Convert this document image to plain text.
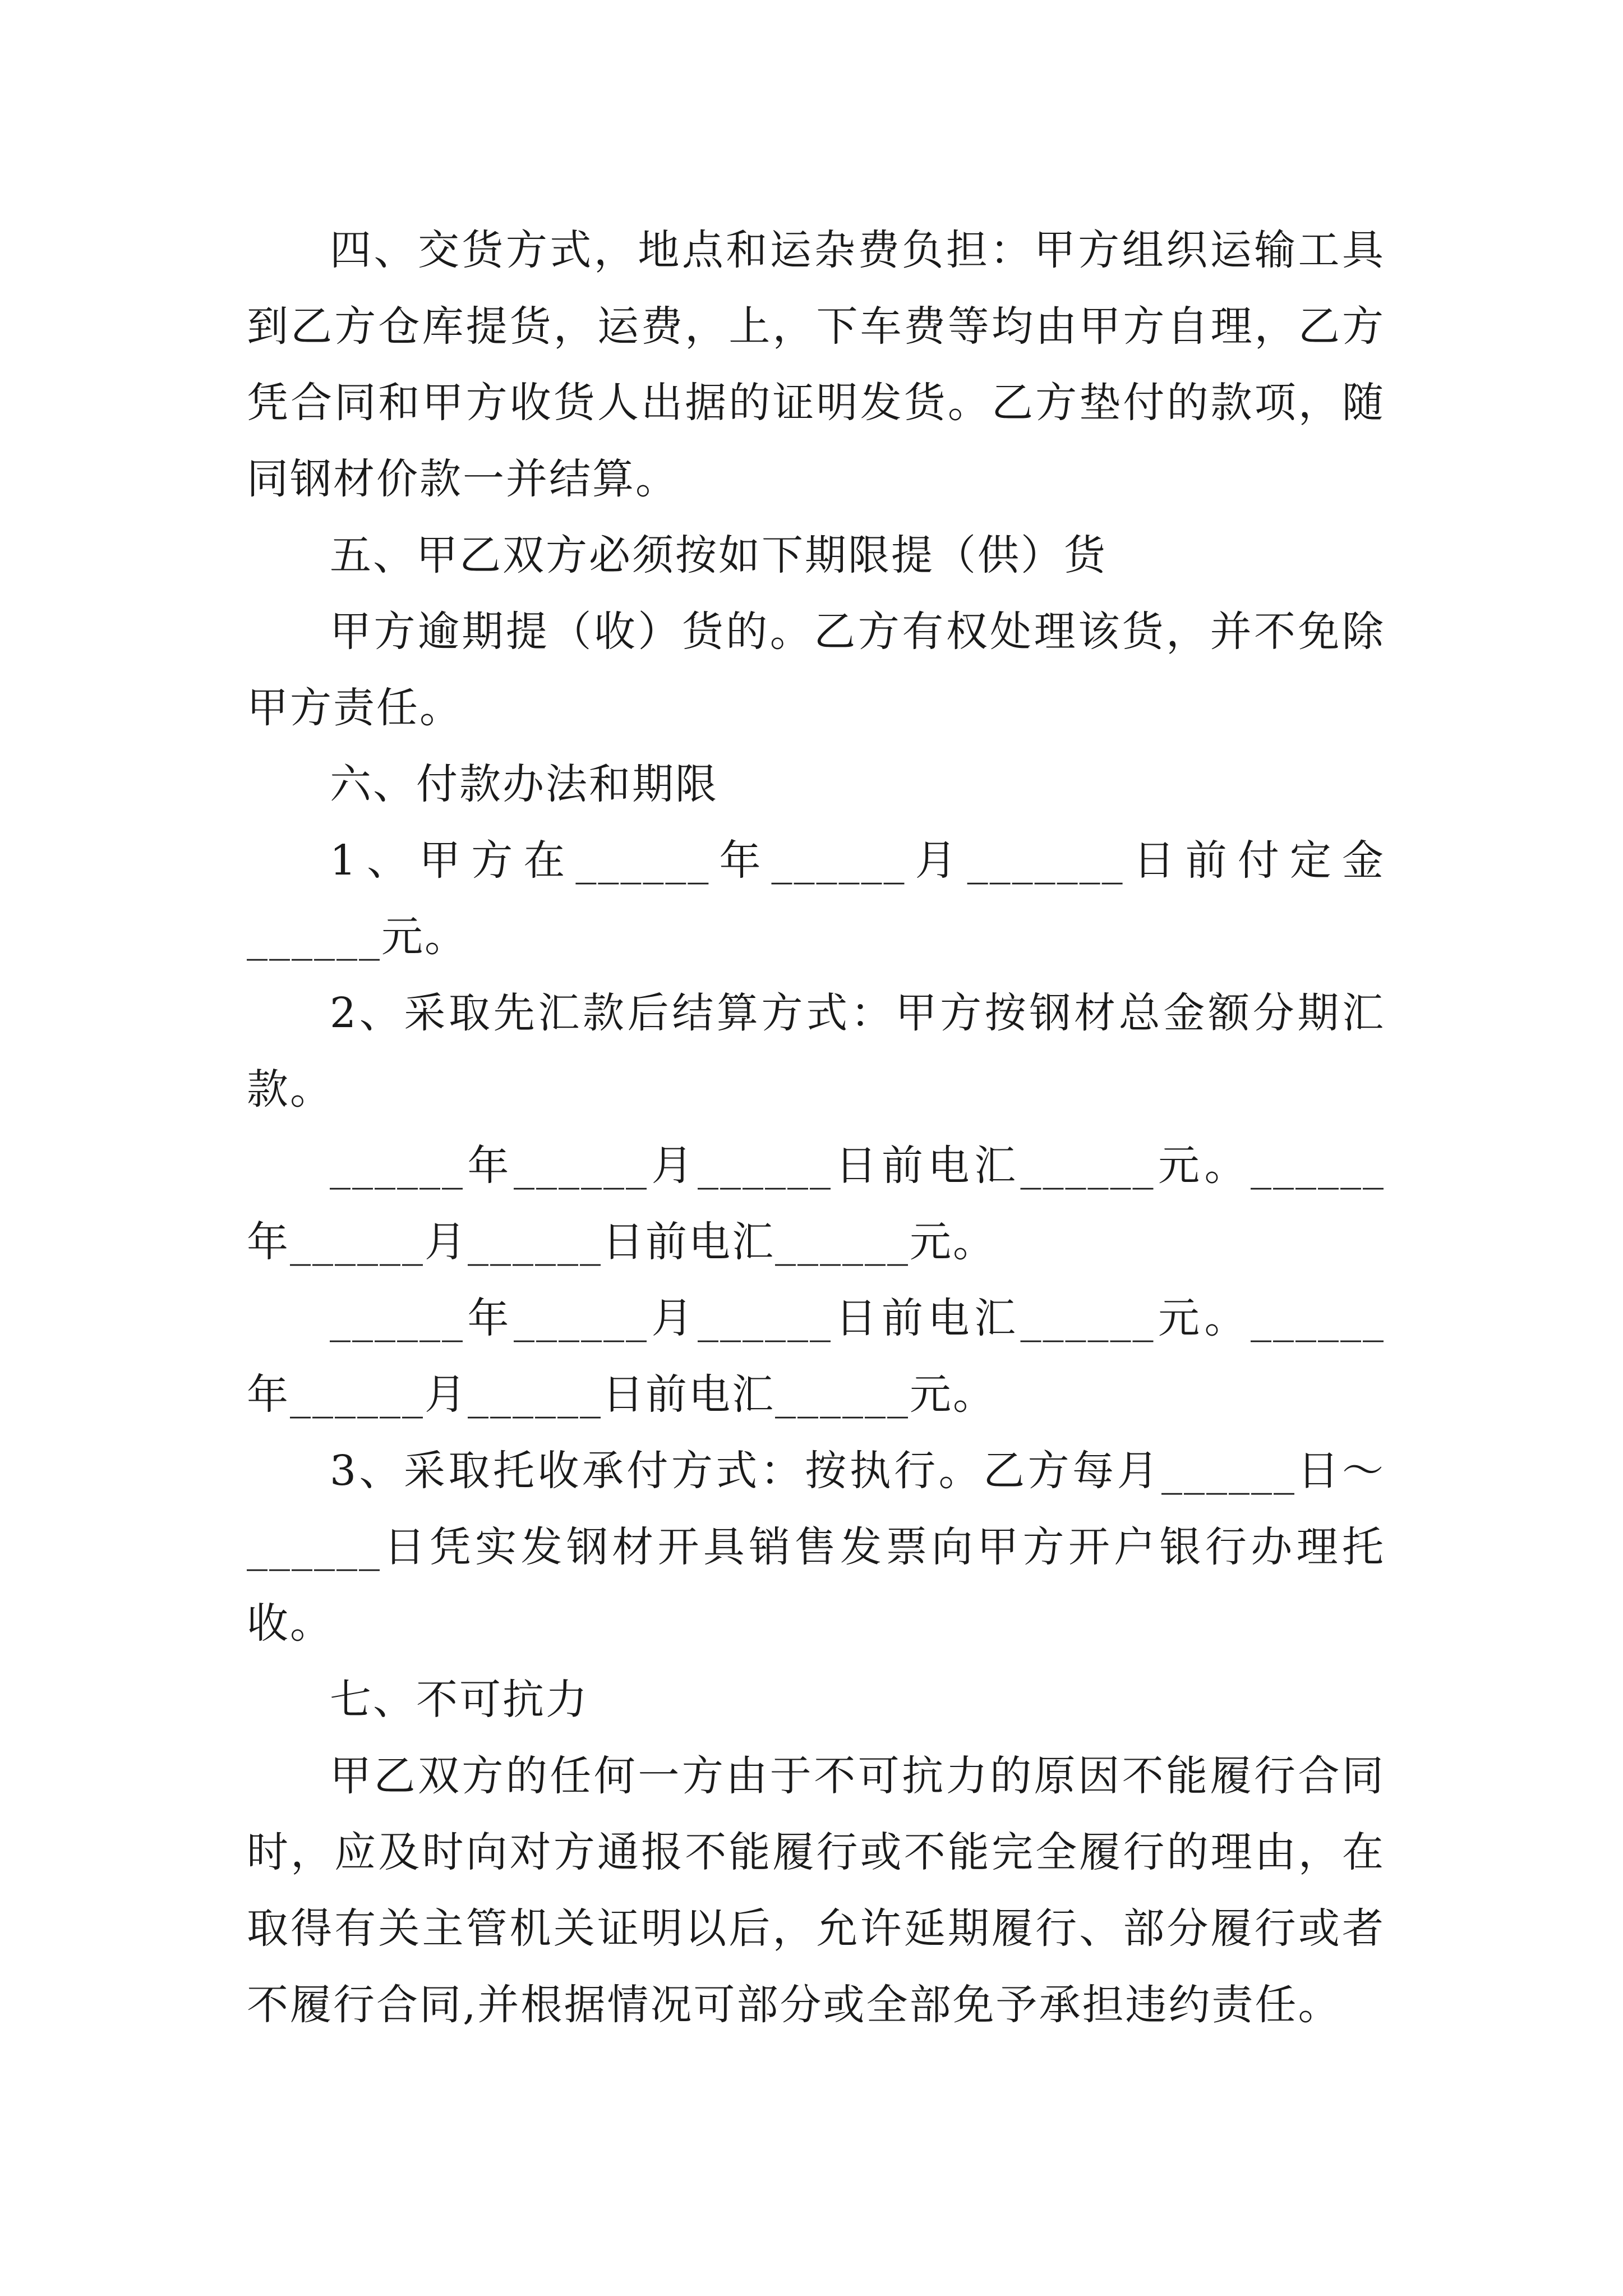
四、交货方式，地点和运杂费负担：甲方组织运输工具到乙方仓库提货，运费，上，下车费等均由甲方自理，乙方凭合同和甲方收货人出据的证明发货。乙方垫付的款项，随同钢材价款一并结算。

五、甲乙双方必须按如下期限提（供）货

甲方逾期提（收）货的。乙方有权处理该货，并不免除甲方责任。

六、付款办法和期限

1、甲方在______年______月_______日前付定金______元。

2、采取先汇款后结算方式：甲方按钢材总金额分期汇款。

______年______月______日前电汇______元。______年______月______日前电汇______元。

______年______月______日前电汇______元。______年______月______日前电汇______元。

3、采取托收承付方式：按执行。乙方每月______日～______日凭实发钢材开具销售发票向甲方开户银行办理托收。

七、不可抗力

甲乙双方的任何一方由于不可抗力的原因不能履行合同时，应及时向对方通报不能履行或不能完全履行的理由，在取得有关主管机关证明以后，允许延期履行、部分履行或者不履行合同,并根据情况可部分或全部免予承担违约责任。
